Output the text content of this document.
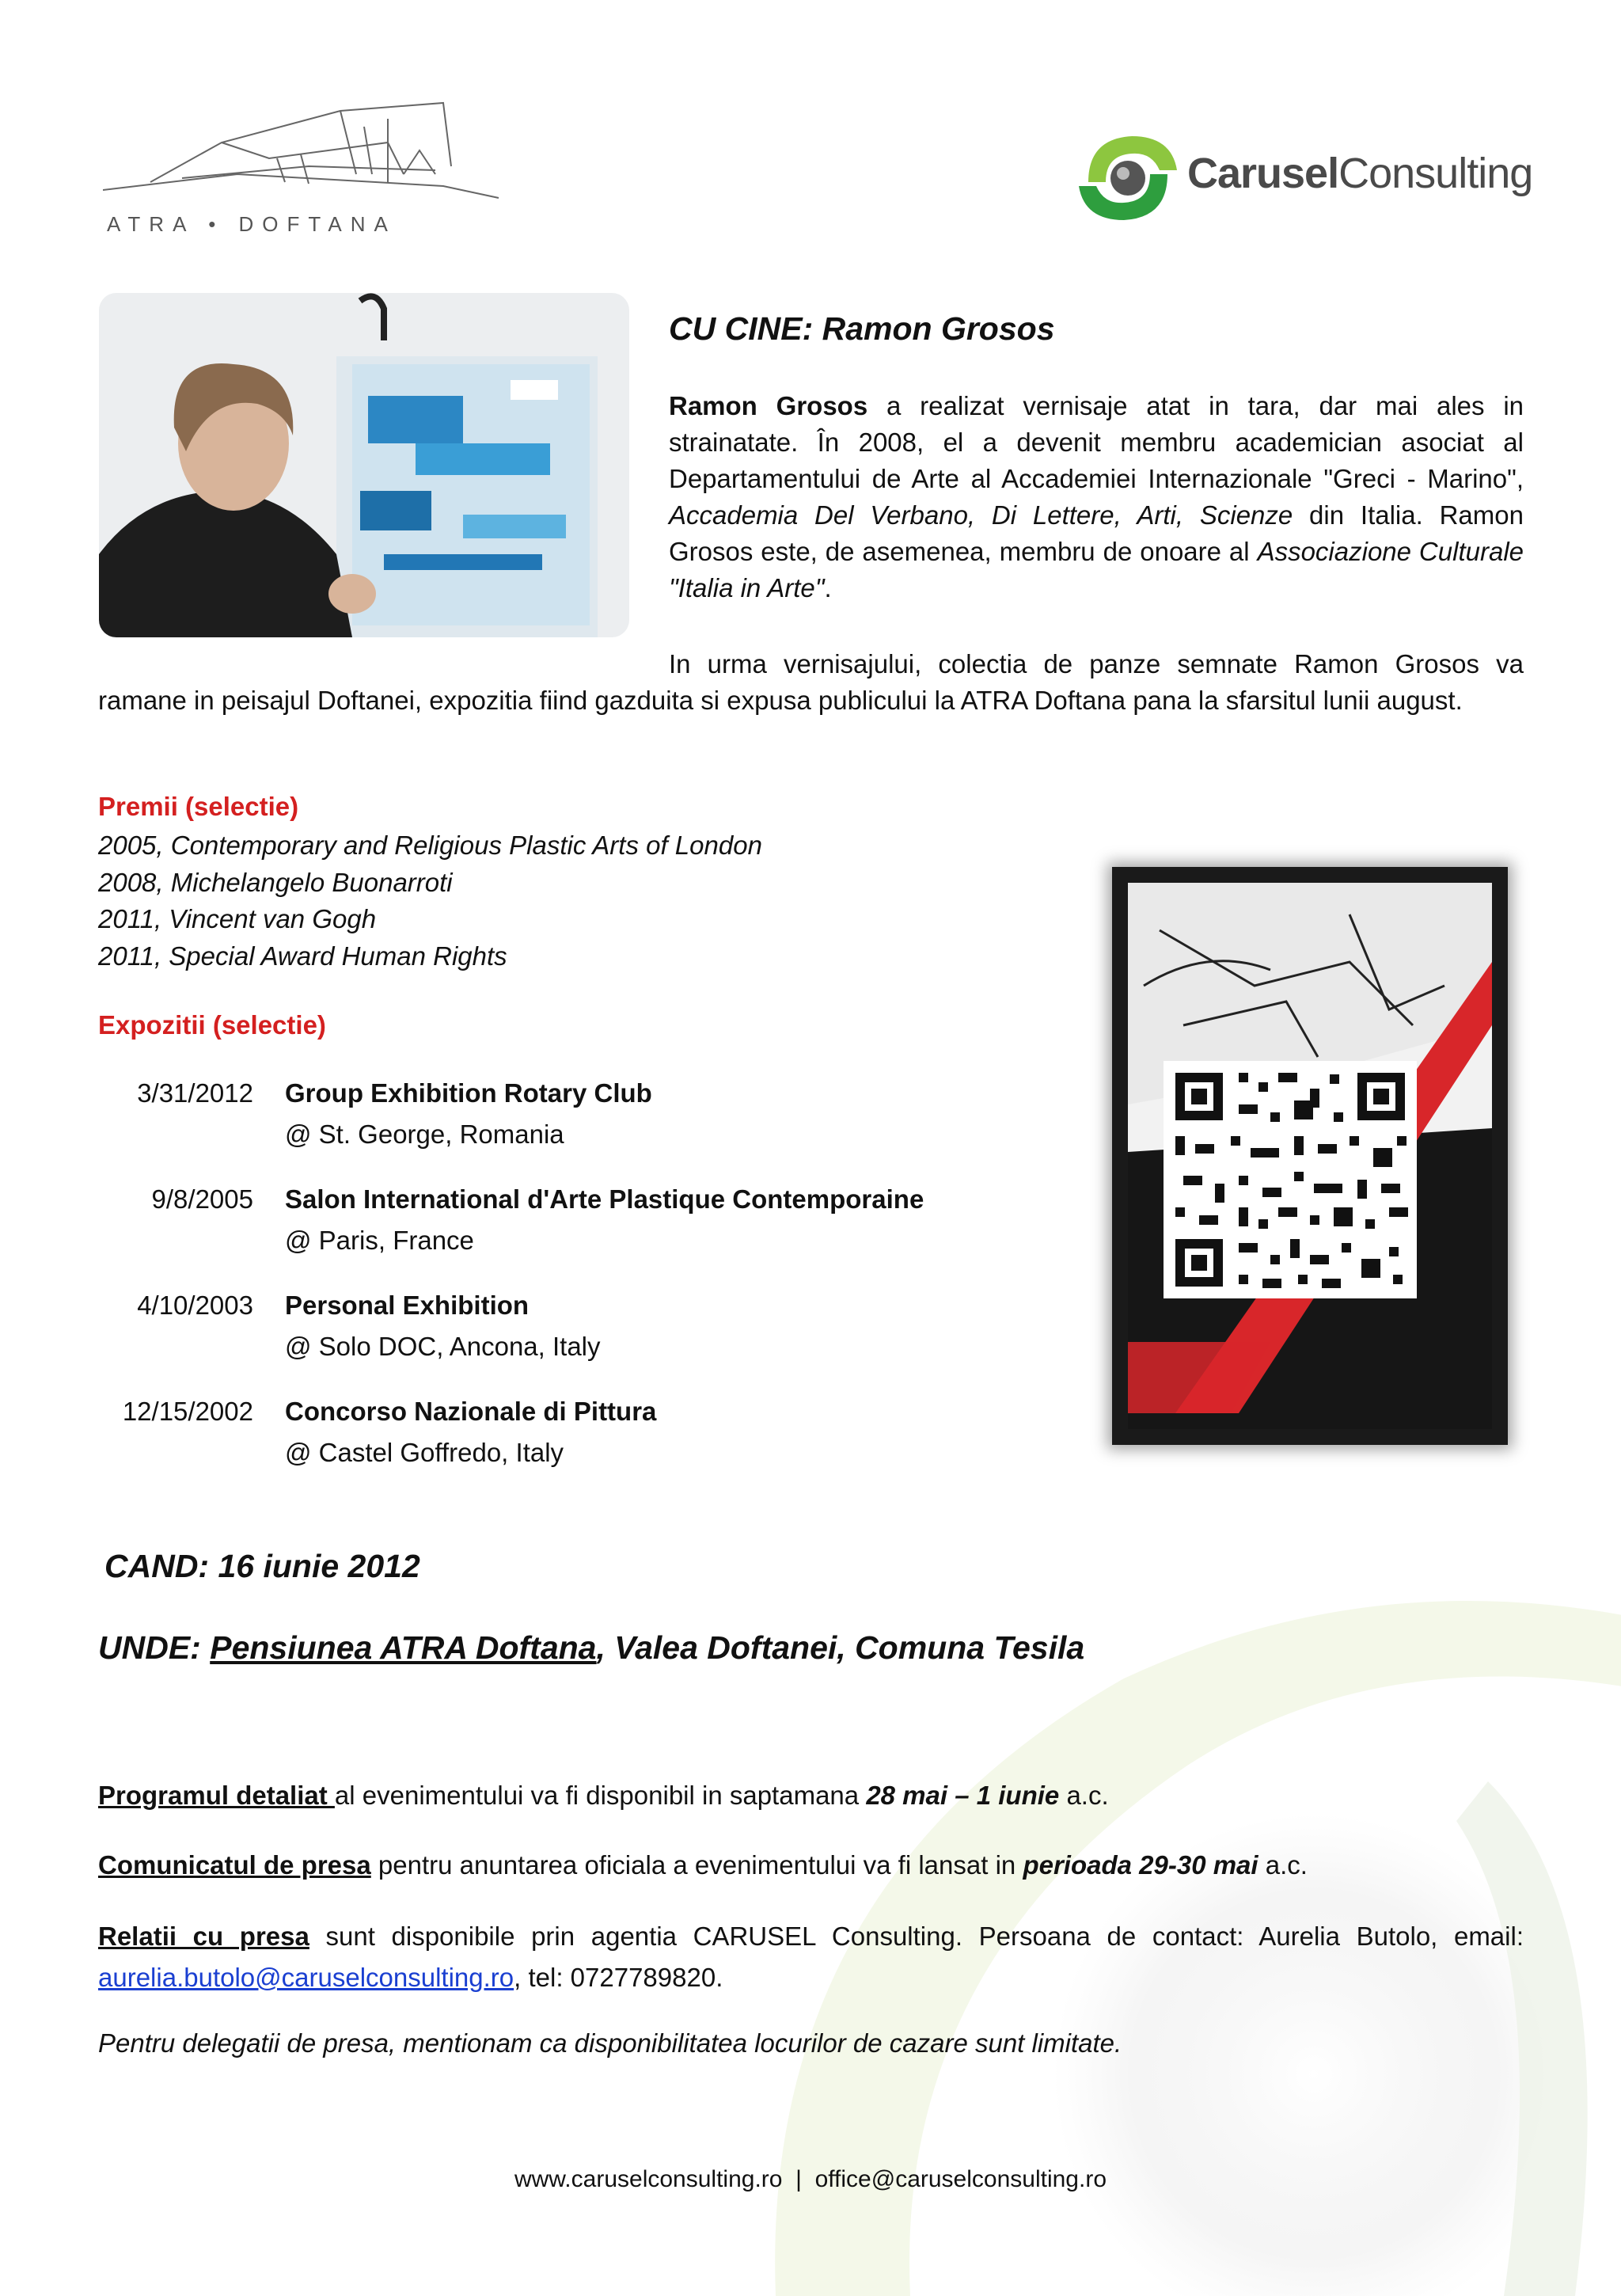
ATRA • DOFTANA
CaruselConsulting
CU CINE: Ramon Grosos
Ramon Grosos a realizat vernisaje atat in tara, dar mai ales in strainatate. În 2008, el a devenit membru academician asociat al Departamentului de Arte al Accademiei Internazionale "Greci - Marino", Accademia Del Verbano, Di Lettere, Arti, Scienze din Italia. Ramon Grosos este, de asemenea, membru de onoare al Associazione Culturale "Italia in Arte".
In urma vernisajului, colectia de panze semnate Ramon Grosos va
ramane in peisajul Doftanei, expozitia fiind gazduita si expusa publicului la ATRA Doftana pana la sfarsitul lunii august.
Premii (selectie)
2005, Contemporary and Religious Plastic Arts of London
2008, Michelangelo Buonarroti
2011, Vincent van Gogh
2011, Special Award Human Rights
Expozitii (selectie)
3/31/2012 Group Exhibition Rotary Club
@ St. George, Romania
9/8/2005 Salon International d'Arte Plastique Contemporaine
@ Paris, France
4/10/2003 Personal Exhibition
@ Solo DOC, Ancona, Italy
12/15/2002 Concorso Nazionale di Pittura
@ Castel Goffredo, Italy
CAND: 16 iunie 2012
UNDE: Pensiunea ATRA Doftana, Valea Doftanei, Comuna Tesila
Programul detaliat al evenimentului va fi disponibil in saptamana 28 mai – 1 iunie a.c.
Comunicatul de presa pentru anuntarea oficiala a evenimentului va fi lansat in perioada 29-30 mai a.c.
Relatii cu presa sunt disponibile prin agentia CARUSEL Consulting. Persoana de contact: Aurelia Butolo, email: aurelia.butolo@caruselconsulting.ro, tel: 0727789820.
Pentru delegatii de presa, mentionam ca disponibilitatea locurilor de cazare sunt limitate.
www.caruselconsulting.ro  |  office@caruselconsulting.ro
